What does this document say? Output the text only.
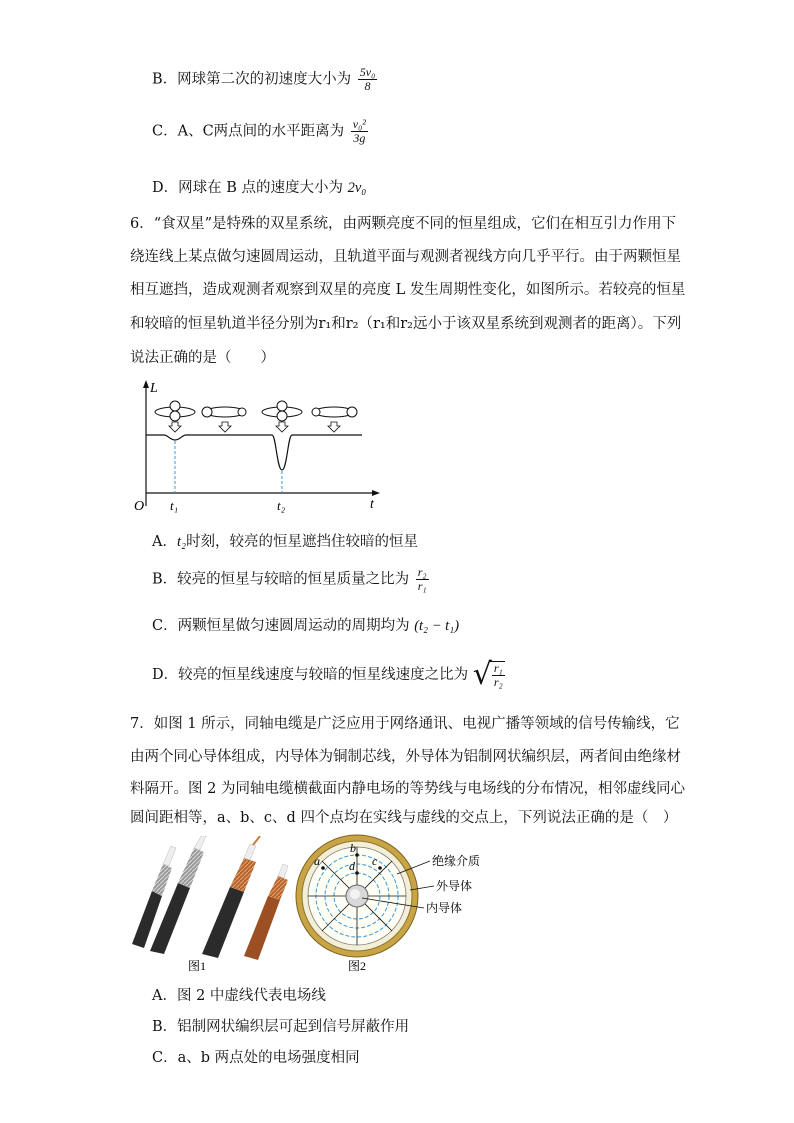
B．网球第二次的初速度大小为 $\frac{\text{5v₀}}{8}$
C．A、C两点间的水平距离为 $\frac{\text{v₀²}}{3g}$
D．网球在 B 点的速度大小为 2v₀
6．“食双星”是特殊的双星系统，由两颗亮度不同的恒星组成，它们在相互引力作用下
绕连线上某点做匀速圆周运动，且轨道平面与观测者视线方向几乎平行。由于两颗恒星
相互遮挡，造成观测者观察到双星的亮度 L 发生周期性变化，如图所示。若较亮的恒星
和较暗的恒星轨道半径分别为r₁和r₂（r₁和r₂远小于该双星系统到观测者的距离）。下列
说法正确的是（　　）
L
t
O t₁	t₂
A．t₂时刻，较亮的恒星遮挡住较暗的恒星
B．较亮的恒星与较暗的恒星质量之比为 $\frac{\text{r₂}}{\text{r₁}}$
C．两颗恒星做匀速圆周运动的周期均为 (t₂ − t₁)
D．较亮的恒星线速度与较暗的恒星线速度之比为 √ $\frac{\text{r₁}}{\text{r₂}}$
7．如图 1 所示，同轴电缆是广泛应用于网络通讯、电视广播等领域的信号传输线，它
由两个同心导体组成，内导体为铜制芯线，外导体为铝制网状编织层，两者间由绝缘材
料隔开。图 2 为同轴电缆横截面内静电场的等势线与电场线的分布情况，相邻虚线同心
圆间距相等，a、b、c、d 四个点均在实线与虚线的交点上，下列说法正确的是（　）
图1
a
b
d c	绝缘介质
外导体
内导体
图2
A．图 2 中虚线代表电场线
B．铝制网状编织层可起到信号屏蔽作用
C．a、b 两点处的电场强度相同
